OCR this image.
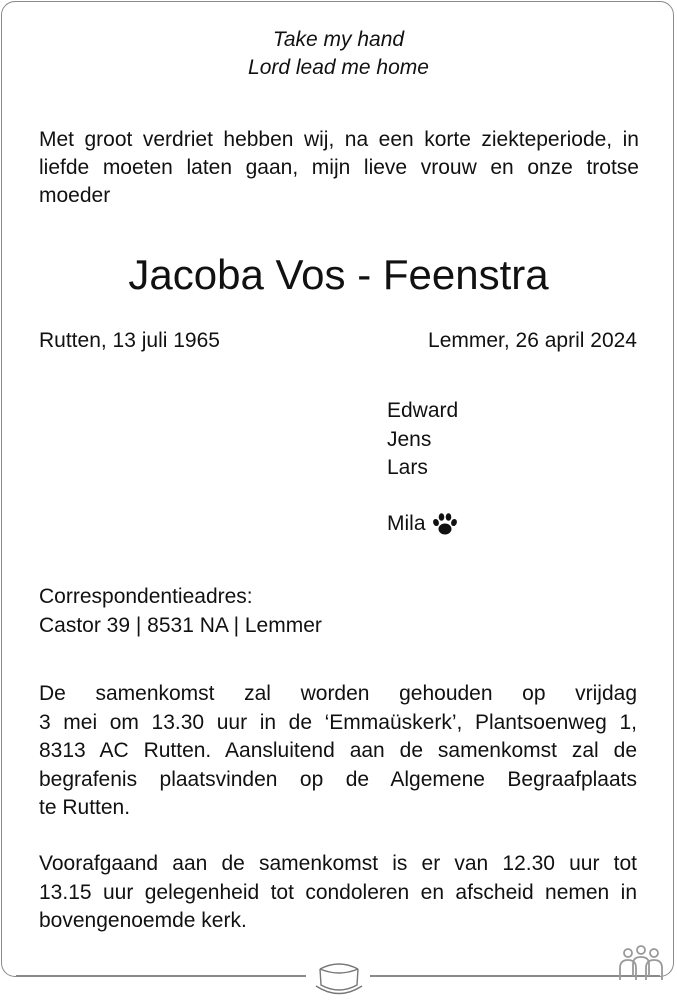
Take my hand
Lord lead me home
Met groot verdriet hebben wij, na een korte ziekteperiode, in liefde moeten laten gaan, mijn lieve vrouw en onze trotse moeder
Jacoba Vos - Feenstra
Rutten, 13 juli 1965	Lemmer, 26 april 2024
Edward
Jens
Lars
Mila
Correspondentieadres:
Castor 39 | 8531 NA | Lemmer
De samenkomst zal worden gehouden op vrijdag
3 mei om 13.30 uur in de ‘Emmaüskerk’, Plantsoenweg 1,
8313 AC Rutten. Aansluitend aan de samenkomst zal de
begrafenis plaatsvinden op de Algemene Begraafplaats
te Rutten.
Voorafgaand aan de samenkomst is er van 12.30 uur tot
13.15 uur gelegenheid tot condoleren en afscheid nemen in
bovengenoemde kerk.
